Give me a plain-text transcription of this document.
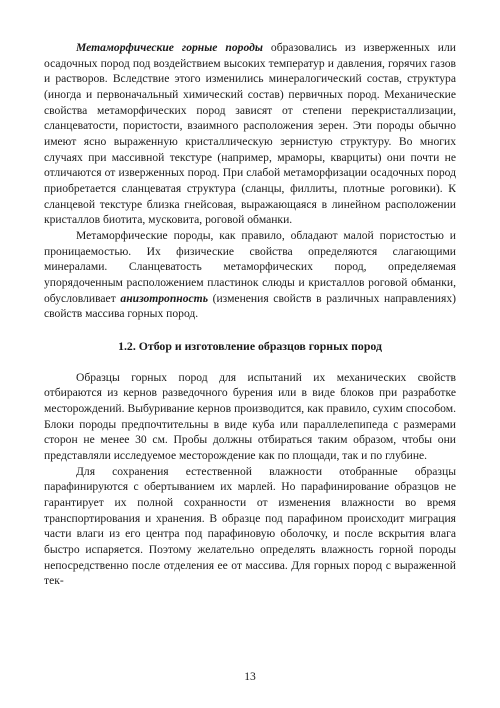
Метаморфические горные породы образовались из изверженных или осадочных пород под воздействием высоких температур и давления, горячих газов и растворов. Вследствие этого изменились минералогический состав, структура (иногда и первоначальный химический состав) первичных пород. Механические свойства метаморфических пород зависят от степени перекристаллизации, сланцеватости, пористости, взаимного расположения зерен. Эти породы обычно имеют ясно выраженную кристаллическую зернистую структуру. Во многих случаях при массивной текстуре (например, мраморы, кварциты) они почти не отличаются от изверженных пород. При слабой метаморфизации осадочных пород приобретается сланцеватая структура (сланцы, филлиты, плотные роговики). К сланцевой текстуре близка гнейсовая, выражающаяся в линейном расположении кристаллов биотита, мусковита, роговой обманки.

Метаморфические породы, как правило, обладают малой пористостью и проницаемостью. Их физические свойства определяются слагающими минералами. Сланцеватость метаморфических пород, определяемая упорядоченным расположением пластинок слюды и кристаллов роговой обманки, обусловливает анизотропность (изменения свойств в различных направлениях) свойств массива горных пород.

1.2. Отбор и изготовление образцов горных пород

Образцы горных пород для испытаний их механических свойств отбираются из кернов разведочного бурения или в виде блоков при разработке месторождений. Выбуривание кернов производится, как правило, сухим способом. Блоки породы предпочтительны в виде куба или параллелепипеда с размерами сторон не менее 30 см. Пробы должны отбираться таким образом, чтобы они представляли исследуемое месторождение как по площади, так и по глубине.

Для сохранения естественной влажности отобранные образцы парафинируются с обертыванием их марлей. Но парафинирование образцов не гарантирует их полной сохранности от изменения влажности во время транспортирования и хранения. В образце под парафином происходит миграция части влаги из его центра под парафиновую оболочку, и после вскрытия влага быстро испаряется. Поэтому желательно определять влажность горной породы непосредственно после отделения ее от массива. Для горных пород с выраженной тек-

13
